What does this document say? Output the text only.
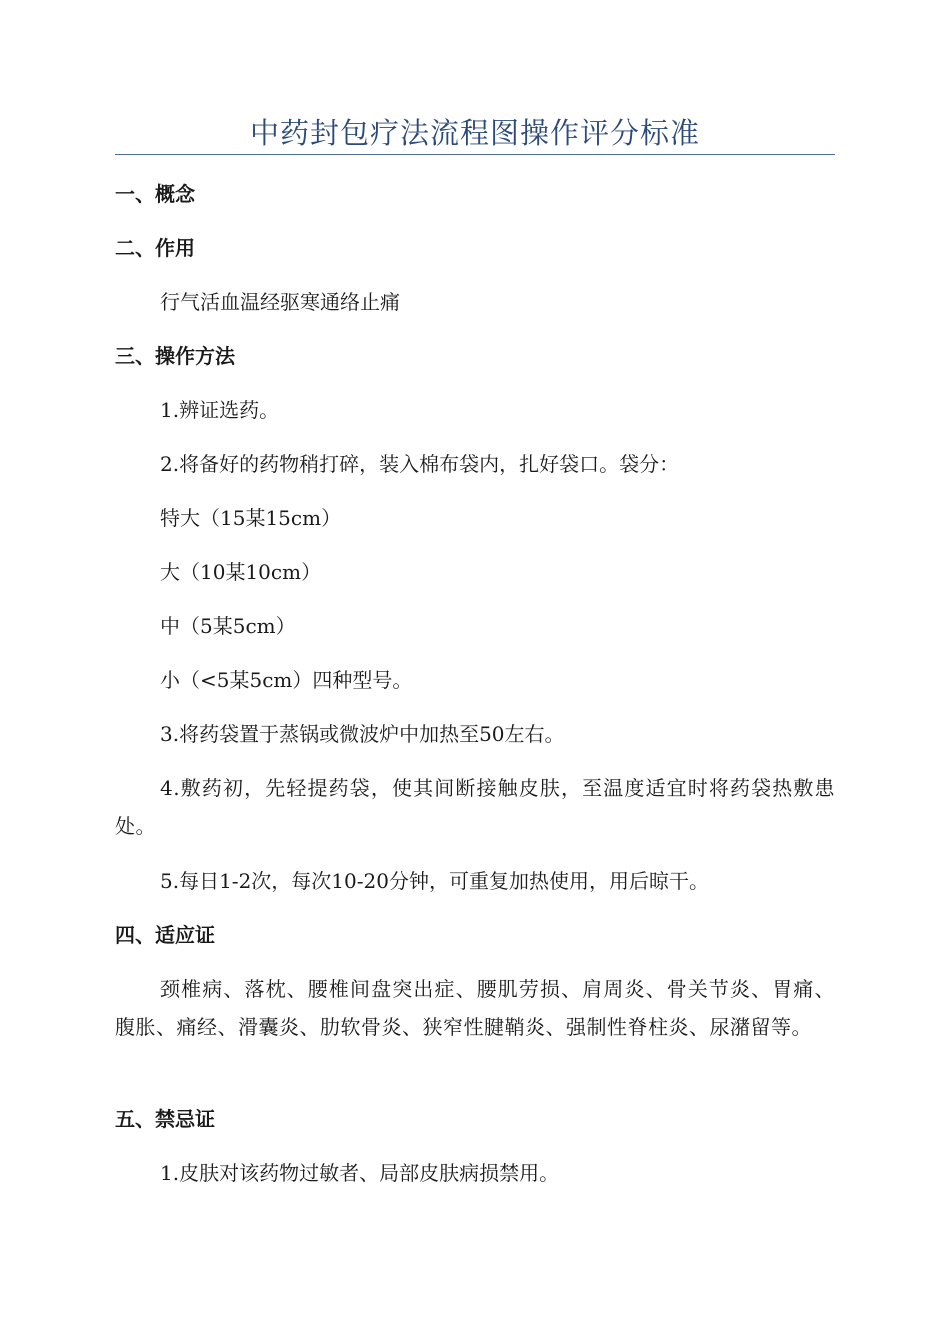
中药封包疗法流程图操作评分标准
一、概念
二、作用
行气活血温经驱寒通络止痛
三、操作方法
1.辨证选药。
2.将备好的药物稍打碎，装入棉布袋内，扎好袋口。袋分：
特大（15某15cm）
大（10某10cm）
中（5某5cm）
小（<5某5cm）四种型号。
3.将药袋置于蒸锅或微波炉中加热至50左右。
4.敷药初，先轻提药袋，使其间断接触皮肤，至温度适宜时将药袋热敷患处。
5.每日1-2次，每次10-20分钟，可重复加热使用，用后晾干。
四、适应证
颈椎病、落枕、腰椎间盘突出症、腰肌劳损、肩周炎、骨关节炎、胃痛、腹胀、痛经、滑囊炎、肋软骨炎、狭窄性腱鞘炎、强制性脊柱炎、尿潴留等。
五、禁忌证
1.皮肤对该药物过敏者、局部皮肤病损禁用。
